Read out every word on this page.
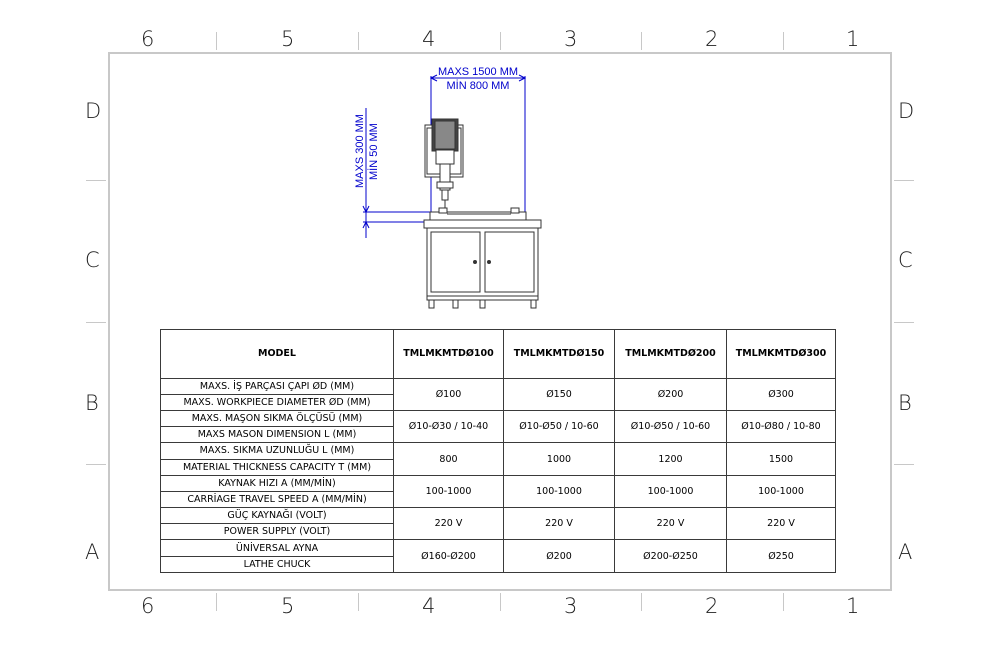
6	5	4	3	2	1
6	5	4	3	2	1
D
C
B
A
D
C
B
A
MAXS 1500 MM
MİN 800 MM
MAXS 300 MM MİN 50 MM
MODEL	TMLMKMTDØ100	TMLMKMTDØ150	TMLMKMTDØ200	TMLMKMTDØ300
MAXS. İŞ PARÇASI ÇAPI ØD (MM)	Ø100	Ø150	Ø200	Ø300
MAXS. WORKPIECE DIAMETER ØD (MM)				
MAXS. MAŞON SIKMA ÖLÇÜSÜ (MM)	Ø10-Ø30 / 10-40	Ø10-Ø50 / 10-60	Ø10-Ø50 / 10-60	Ø10-Ø80 / 10-80
MAXS MASON DIMENSION L (MM)				
MAXS. SIKMA UZUNLUĞU L (MM)	800	1000	1200	1500
MATERIAL THICKNESS CAPACITY T (MM)				
KAYNAK HIZI A (MM/MİN)	100-1000	100-1000	100-1000	100-1000
CARRİAGE TRAVEL SPEED A (MM/MİN)				
GÜÇ KAYNAĞI (VOLT)	220 V	220 V	220 V	220 V
POWER SUPPLY (VOLT)				
ÜNİVERSAL AYNA	Ø160-Ø200	Ø200	Ø200-Ø250	Ø250
LATHE CHUCK				
